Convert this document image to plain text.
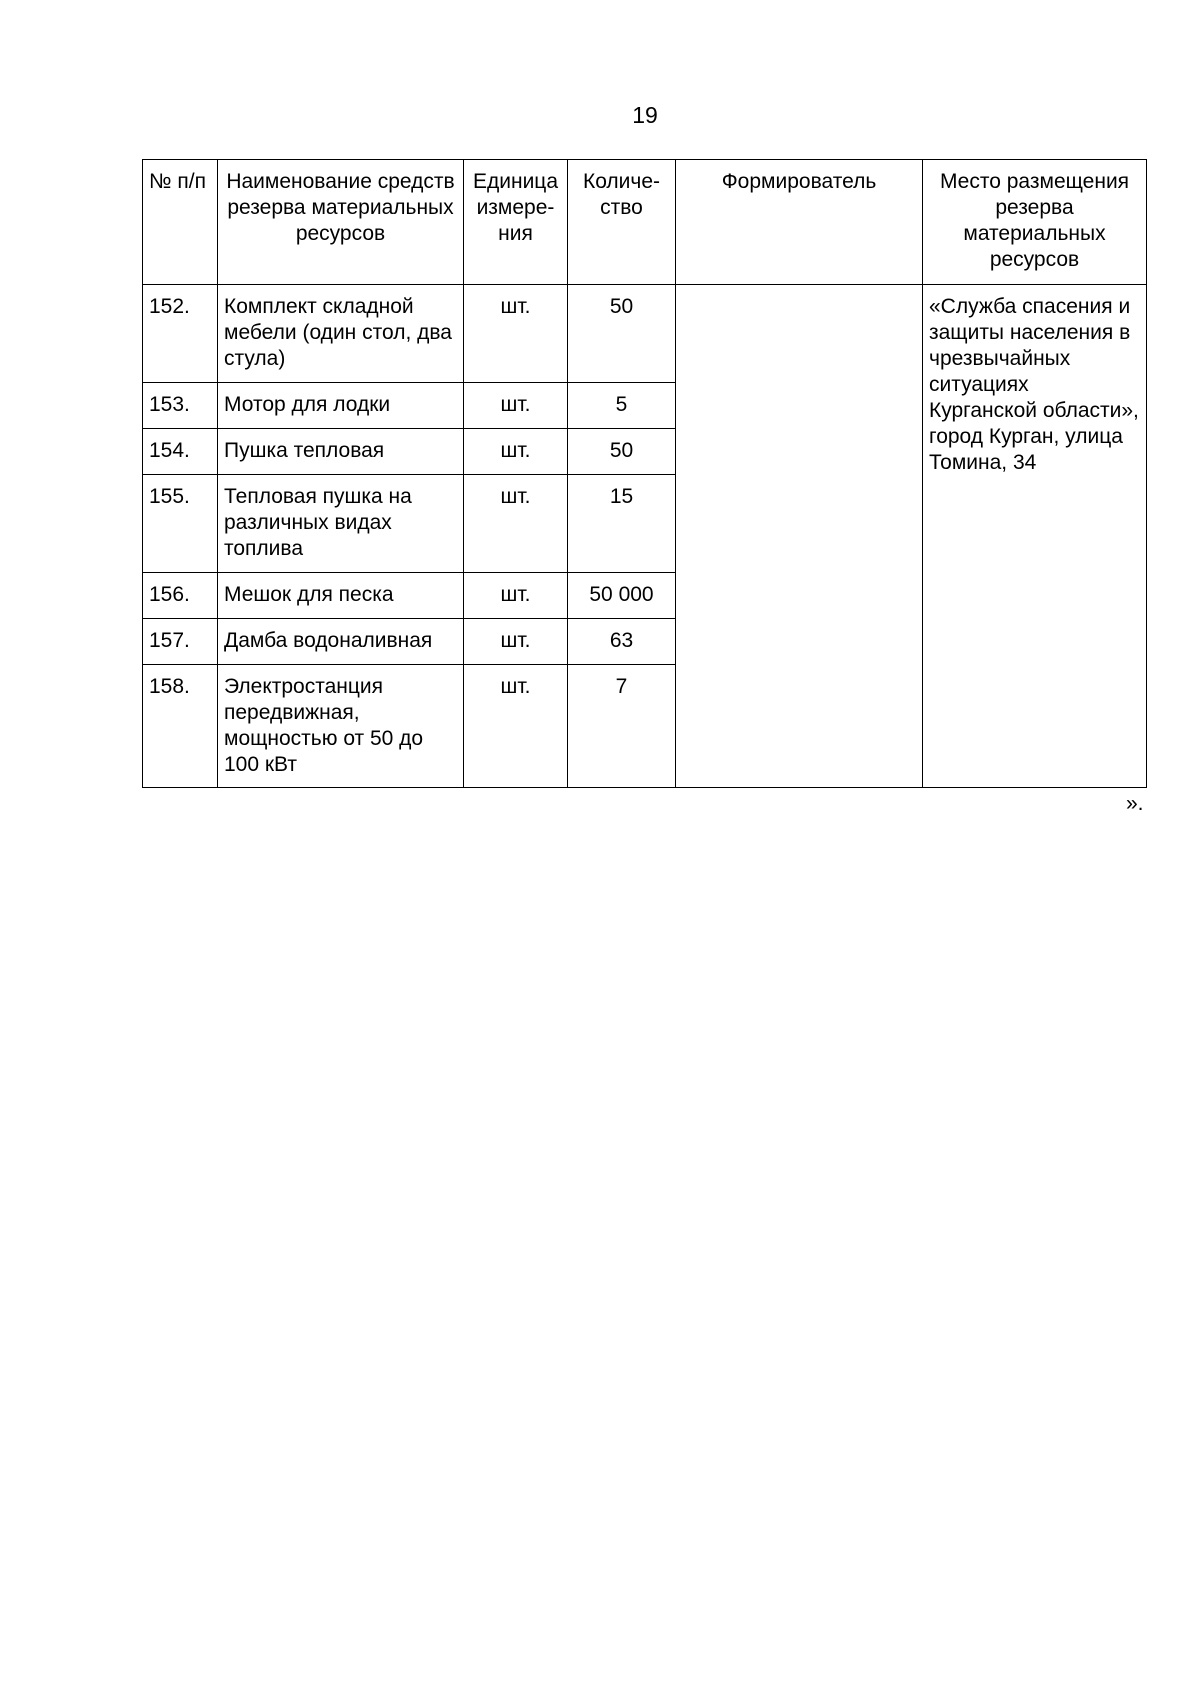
19
№ п/п	Наименование средств резерва материальных ресурсов	Единица измере-ния	Количе-ство	Формирователь	Место размещения резерва материальных ресурсов
152.	Комплект складной мебели (один стол, два стула)	шт.	50		«Служба спасения и защиты населения в чрезвычайных ситуациях Курганской области», город Курган, улица Томина, 34
153.	Мотор для лодки	шт.	5		
154.	Пушка тепловая	шт.	50		
155.	Тепловая пушка на различных видах топлива	шт.	15		
156.	Мешок для песка	шт.	50 000		
157.	Дамба водоналивная	шт.	63		
158.	Электростанция передвижная, мощностью от 50 до 100 кВт	шт.	7		
».
